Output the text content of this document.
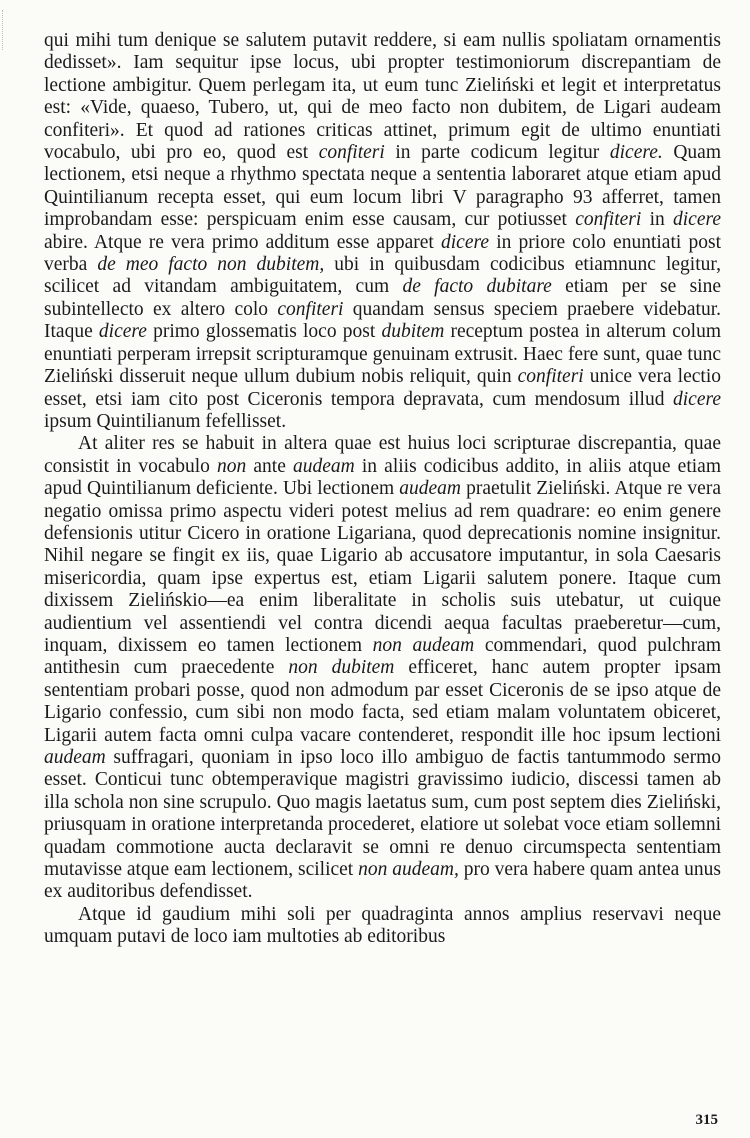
qui mihi tum denique se salutem putavit reddere, si eam nullis spoliatam ornamentis dedisset». Iam sequitur ipse locus, ubi propter testimoniorum discrepantiam de lectione ambigitur. Quem perlegam ita, ut eum tunc Zieliński et legit et interpretatus est: «Vide, quaeso, Tubero, ut, qui de meo facto non dubitem, de Ligari audeam confiteri». Et quod ad rationes criticas attinet, primum egit de ultimo enuntiati vocabulo, ubi pro eo, quod est confiteri in parte codicum legitur dicere. Quam lectionem, etsi neque a rhythmo spectata neque a sententia laboraret atque etiam apud Quintilianum recepta esset, qui eum locum libri V paragrapho 93 afferret, tamen improbandam esse: perspicuam enim esse causam, cur potiusset confiteri in dicere abire. Atque re vera primo additum esse apparet dicere in priore colo enuntiati post verba de meo facto non dubitem, ubi in quibusdam codicibus etiamnunc legitur, scilicet ad vitandam ambiguitatem, cum de facto dubitare etiam per se sine subintellecto ex altero colo confiteri quandam sensus speciem praebere videbatur. Itaque dicere primo glossematis loco post dubitem receptum postea in alterum colum enuntiati perperam irrepsit scripturamque genuinam extrusit. Haec fere sunt, quae tunc Zieliński disseruit neque ullum dubium nobis reliquit, quin confiteri unice vera lectio esset, etsi iam cito post Ciceronis tempora depravata, cum mendosum illud dicere ipsum Quintilianum fefellisset.

At aliter res se habuit in altera quae est huius loci scripturae discrepantia, quae consistit in vocabulo non ante audeam in aliis codicibus addito, in aliis atque etiam apud Quintilianum deficiente. Ubi lectionem audeam praetulit Zieliński. Atque re vera negatio omissa primo aspectu videri potest melius ad rem quadrare: eo enim genere defensionis utitur Cicero in oratione Ligariana, quod deprecationis nomine insignitur. Nihil negare se fingit ex iis, quae Ligario ab accusatore imputantur, in sola Caesaris misericordia, quam ipse expertus est, etiam Ligarii salutem ponere. Itaque cum dixissem Zielińskio—ea enim liberalitate in scholis suis utebatur, ut cuique audientium vel assentiendi vel contra dicendi aequa facultas praeberetur—cum, inquam, dixissem eo tamen lectionem non audeam commendari, quod pulchram antithesin cum praecedente non dubitem efficeret, hanc autem propter ipsam sententiam probari posse, quod non admodum par esset Ciceronis de se ipso atque de Ligario confessio, cum sibi non modo facta, sed etiam malam voluntatem obiceret, Ligarii autem facta omni culpa vacare contenderet, respondit ille hoc ipsum lectioni audeam suffragari, quoniam in ipso loco illo ambiguo de factis tantummodo sermo esset. Conticui tunc obtemperavique magistri gravissimo iudicio, discessi tamen ab illa schola non sine scrupulo. Quo magis laetatus sum, cum post septem dies Zieliński, priusquam in oratione interpretanda procederet, elatiore ut solebat voce etiam sollemni quadam commotione aucta declaravit se omni re denuo circumspecta sententiam mutavisse atque eam lectionem, scilicet non audeam, pro vera habere quam antea unus ex auditoribus defendisset.

Atque id gaudium mihi soli per quadraginta annos amplius reservavi neque umquam putavi de loco iam multoties ab editoribus

315
